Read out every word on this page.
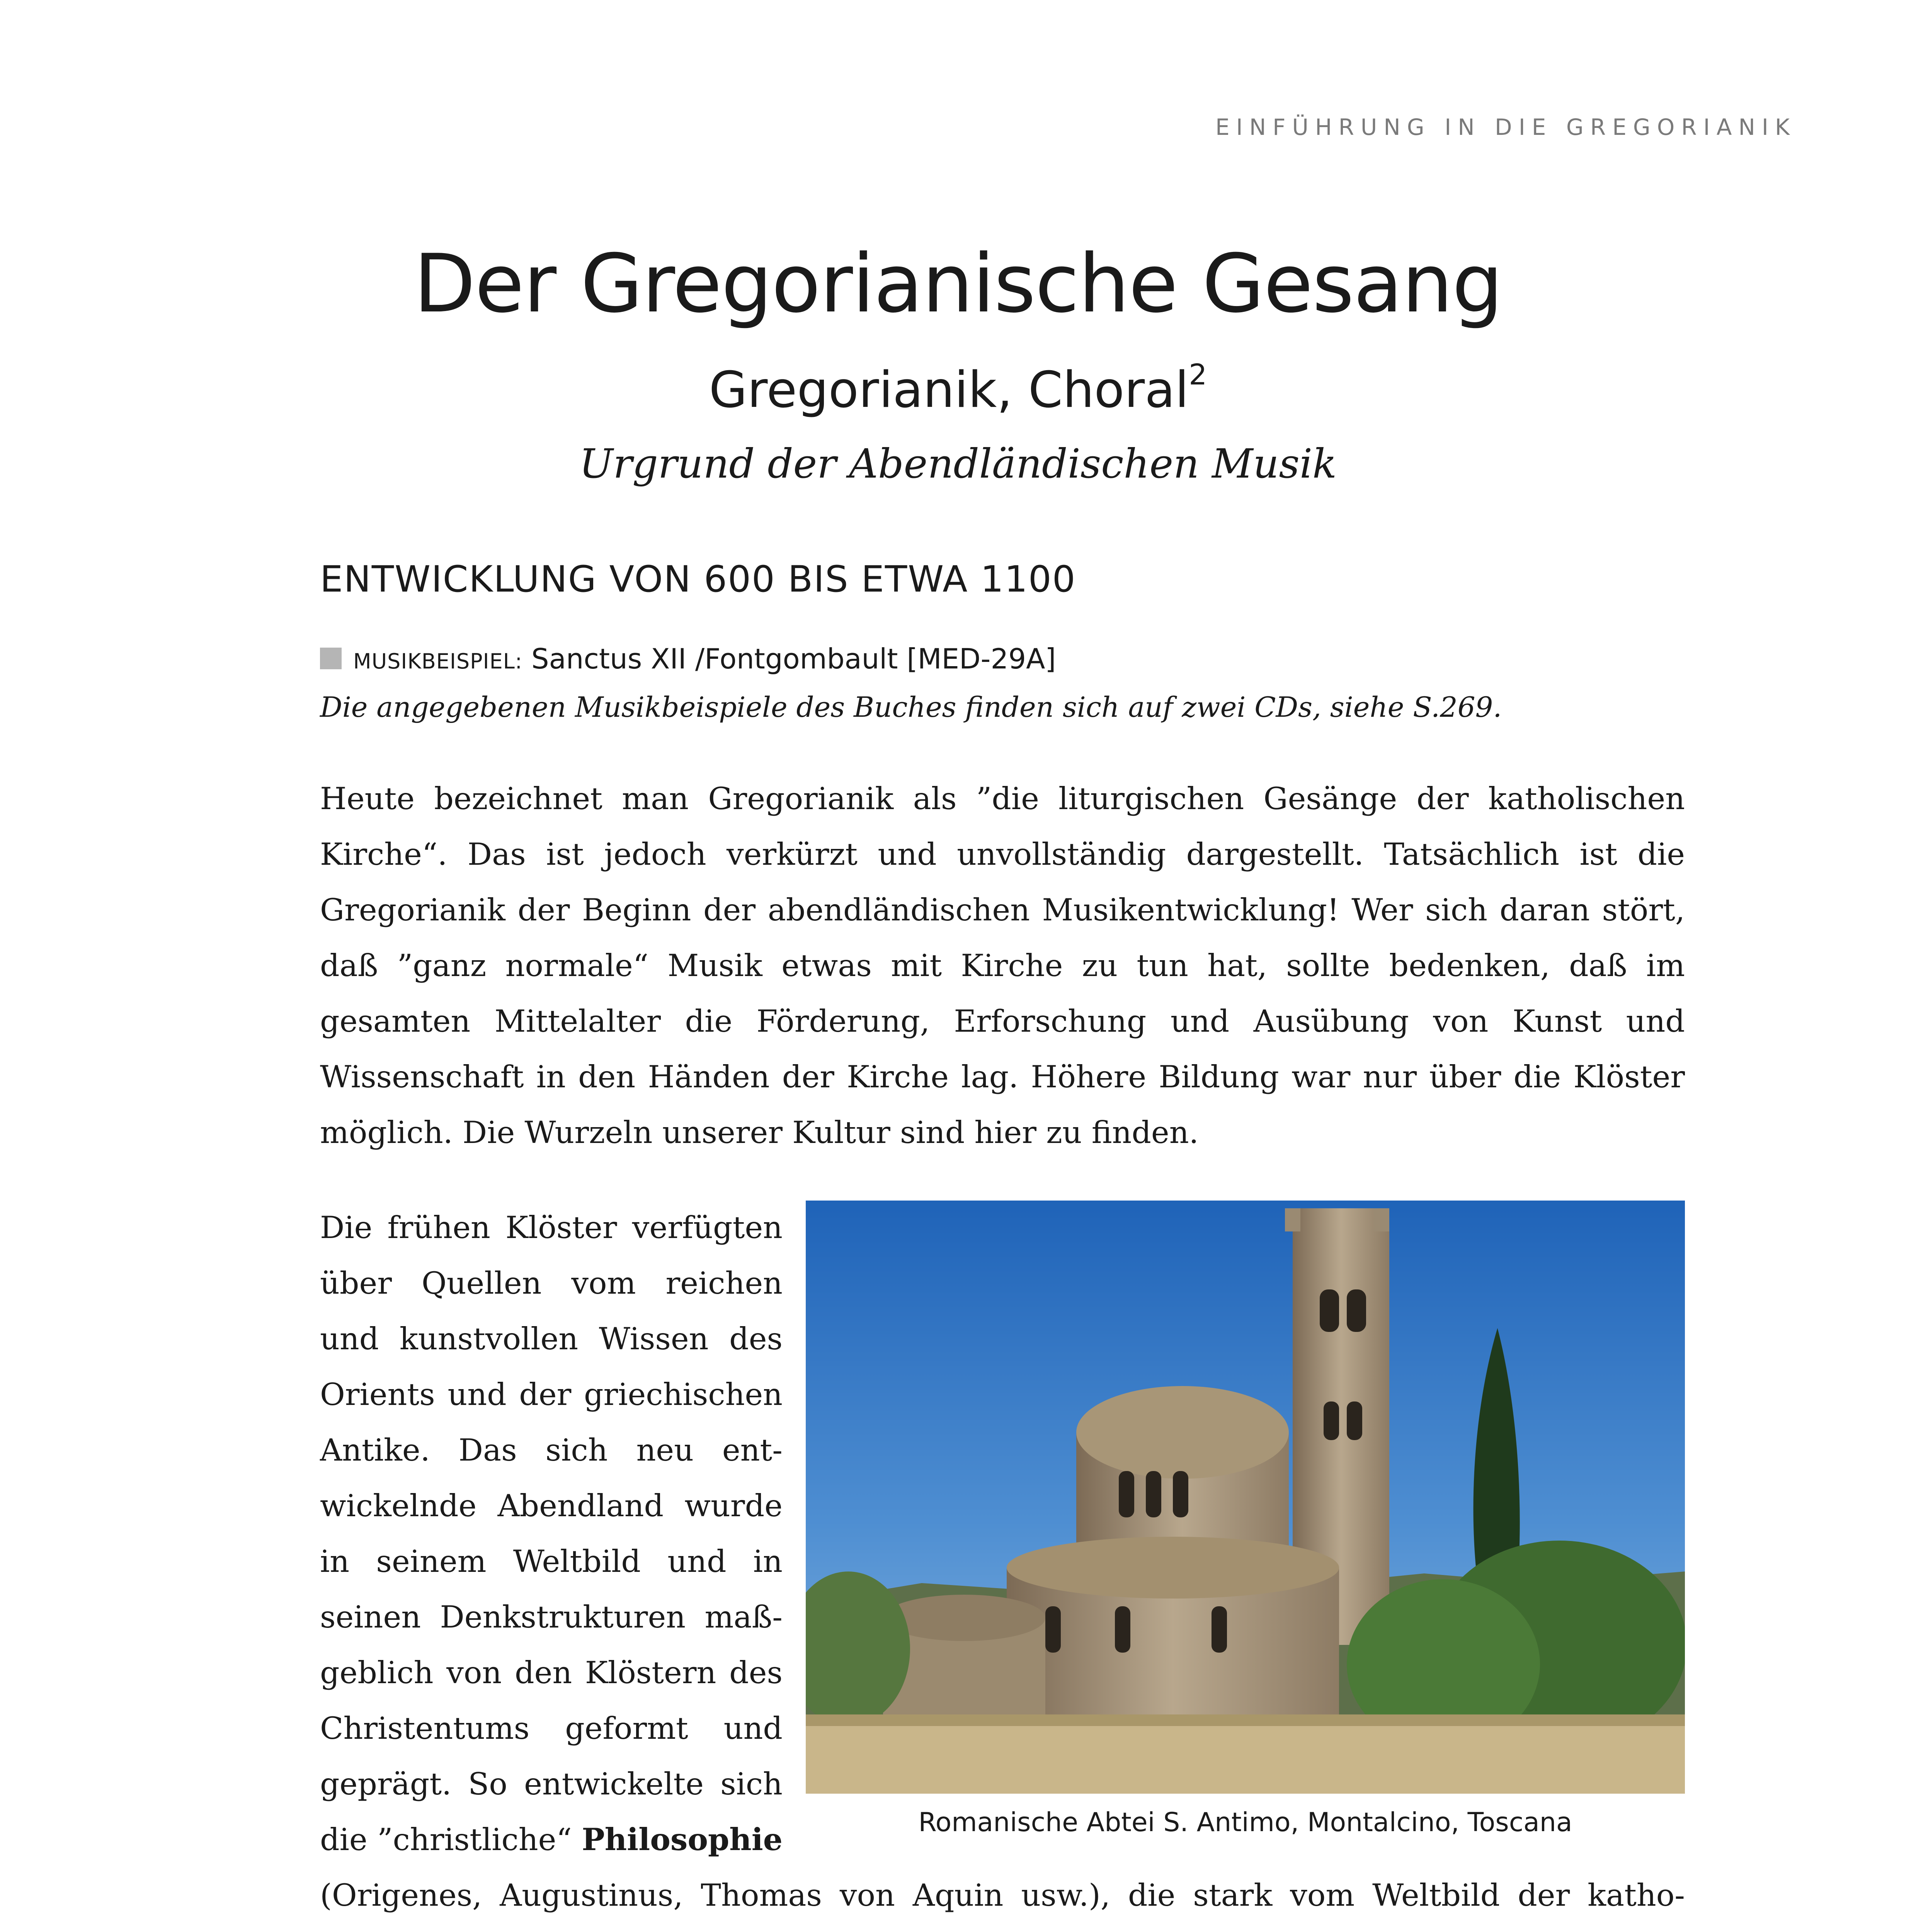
EINFÜHRUNG IN DIE GREGORIANIK
Der Gregorianische Gesang
Gregorianik, Choral$^2$
Urgrund der Abendländischen Musik
ENTWICKLUNG VON 600 BIS ETWA 1100
MUSIKBEISPIEL: Sanctus XII /Fontgombault [MED-29A]
Die angegebenen Musikbeispiele des Buches finden sich auf zwei CDs, siehe S.269.
Heute bezeichnet man Gregorianik als ”die liturgischen Gesänge der katholischen Kirche“. Das ist jedoch verkürzt und unvollständig dargestellt. Tatsächlich ist die Gregorianik der Beginn der abendländischen Musikentwicklung! Wer sich daran stört, daß ”ganz normale“ Musik etwas mit Kirche zu tun hat, sollte bedenken, daß im gesamten Mittelalter die Förderung, Erforschung und Ausübung von Kunst und Wissenschaft in den Händen der Kirche lag. Höhere Bildung war nur über die Klöster möglich. Die Wurzeln unserer Kultur sind hier zu finden.
Romanische Abtei S. Antimo, Montalcino, Toscana

Die frühen Klöster verfügten über Quellen vom reichen und kunstvollen Wissen des Orients und der griechischen Antike. Das sich neu entwickelnde Abendland wurde in seinem Weltbild und in seinen Denkstrukturen maßgeblich von den Klöstern des Christentums geformt und geprägt. So entwickelte sich die ”christliche“ Philosophie (Origenes, Augustinus, Thomas von Aquin usw.), die stark vom Weltbild der katho
